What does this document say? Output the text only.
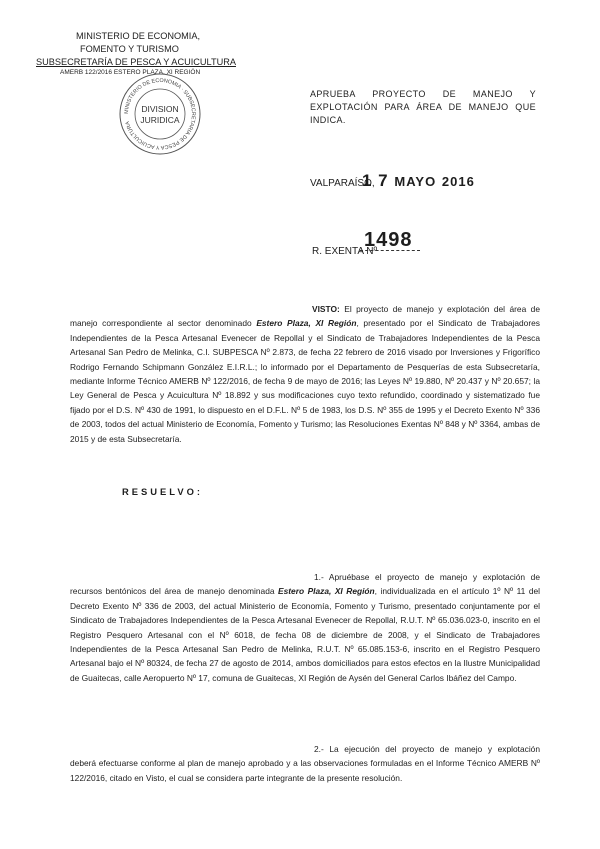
MINISTERIO DE ECONOMIA,
FOMENTO Y TURISMO
SUBSECRETARÍA DE PESCA Y ACUICULTURA
AMERB 122/2016 ESTERO PLAZA, XI REGIÓN
MINISTERIO DE ECONOMIA · SUBSECRETARIA DE PESCA Y ACUICULTURA
DIVISION
JURIDICA
APRUEBA PROYECTO DE MANEJO Y EXPLOTACIÓN PARA ÁREA DE MANEJO QUE INDICA.
VALPARAÍSO,
1 7 MAYO 2016
R. EXENTA Nº
1498
VISTO: El proyecto de manejo y explotación del área de manejo correspondiente al sector denominado Estero Plaza, XI Región, presentado por el Sindicato de Trabajadores Independientes de la Pesca Artesanal Evenecer de Repollal y el Sindicato de Trabajadores Independientes de la Pesca Artesanal San Pedro de Melinka, C.I. SUBPESCA Nº 2.873, de fecha 22 febrero de 2016 visado por Inversiones y Frigorífico Rodrigo Fernando Schipmann González E.I.R.L.; lo informado por el Departamento de Pesquerías de esta Subsecretaría, mediante Informe Técnico AMERB Nº 122/2016, de fecha 9 de mayo de 2016; las Leyes Nº 19.880, Nº 20.437 y Nº 20.657; la Ley General de Pesca y Acuicultura Nº 18.892 y sus modificaciones cuyo texto refundido, coordinado y sistematizado fue fijado por el D.S. Nº 430 de 1991, lo dispuesto en el D.F.L. Nº 5 de 1983, los D.S. Nº 355 de 1995 y el Decreto Exento Nº 336 de 2003, todos del actual Ministerio de Economía, Fomento y Turismo; las Resoluciones Exentas Nº 848 y Nº 3364, ambas de 2015 y de esta Subsecretaría.
RESUELVO:
1.- Apruébase el proyecto de manejo y explotación de recursos bentónicos del área de manejo denominada Estero Plaza, XI Región, individualizada en el artículo 1º Nº 11 del Decreto Exento Nº 336 de 2003, del actual Ministerio de Economía, Fomento y Turismo, presentado conjuntamente por el Sindicato de Trabajadores Independientes de la Pesca Artesanal Evenecer de Repollal, R.U.T. Nº 65.036.023-0, inscrito en el Registro Pesquero Artesanal con el Nº 6018, de fecha 08 de diciembre de 2008, y el Sindicato de Trabajadores Independientes de la Pesca Artesanal San Pedro de Melinka, R.U.T. Nº 65.085.153-6, inscrito en el Registro Pesquero Artesanal bajo el Nº 80324, de fecha 27 de agosto de 2014, ambos domiciliados para estos efectos en la Ilustre Municipalidad de Guaitecas, calle Aeropuerto Nº 17, comuna de Guaitecas, XI Región de Aysén del General Carlos Ibáñez del Campo.
2.- La ejecución del proyecto de manejo y explotación deberá efectuarse conforme al plan de manejo aprobado y a las observaciones formuladas en el Informe Técnico AMERB Nº 122/2016, citado en Visto, el cual se considera parte integrante de la presente resolución.
